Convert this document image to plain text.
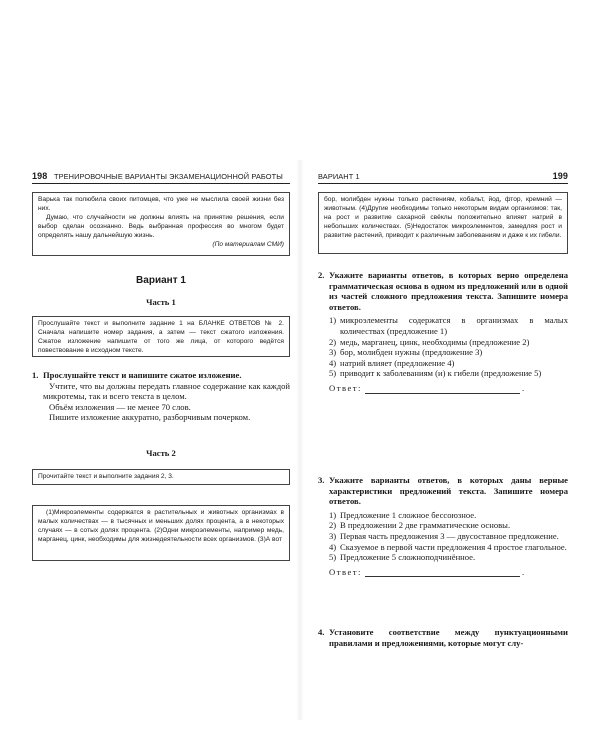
198 ТРЕНИРОВОЧНЫЕ ВАРИАНТЫ ЭКЗАМЕНАЦИОННОЙ РАБОТЫ

Варька так полюбила своих питомцев, что уже не мыслила своей жизни без них.

Думаю, что случайности не должны влиять на принятие решения, если выбор сделан осознанно. Ведь выбранная профессия во многом будет определять нашу дальнейшую жизнь.

(По материалам СМИ)

Вариант 1
Часть 1

Прослушайте текст и выполните задание 1 на БЛАНКЕ ОТВЕТОВ № 2. Сначала напишите номер задания, а затем — текст сжатого изложения. Сжатое изложение напишите от того же лица, от которого ведётся повествование в исходном тексте.

1. Прослушайте текст и напишите сжатое изложение.

Учтите, что вы должны передать главное содержание как каждой микротемы, так и всего текста в целом.

Объём изложения — не менее 70 слов.

Пишите изложение аккуратно, разборчивым почерком.

Часть 2

Прочитайте текст и выполните задания 2, 3.

(1)Микроэлементы содержатся в растительных и животных организмах в малых количествах — в тысячных и меньших долях процента, а в некоторых случаях — в сотых долях процента. (2)Одни микроэлементы, например медь, марганец, цинк, необходимы для жизнедеятельности всех организмов. (3)А вот

ВАРИАНТ 1	199

бор, молибден нужны только растениям, кобальт, йод, фтор, кремний — животным. (4)Другие необходимы только некоторым видам организмов: так, на рост и развитие сахарной свёклы положительно влияет натрий в небольших количествах. (5)Недостаток микроэлементов, замедляя рост и развитие растений, приводит к различным заболеваниям и даже к их гибели.

2. Укажите варианты ответов, в которых верно определена грамматическая основа в одном из предложений или в одной из частей сложного предложения текста. Запишите номера ответов.
1) микроэлементы содержатся в организмах в малых количествах (предложение 1)
2) медь, марганец, цинк, необходимы (предложение 2)
3) бор, молибден нужны (предложение 3)
4) натрий влияет (предложение 4)
5) приводит к заболеваниям (и) к гибели (предложение 5)
Ответ:	.
3. Укажите варианты ответов, в которых даны верные характеристики предложений текста. Запишите номера ответов.
1) Предложение 1 сложное бессоюзное.
2) В предложении 2 две грамматические основы.
3) Первая часть предложения 3 — двусоставное предложение.
4) Сказуемое в первой части предложения 4 простое глагольное.
5) Предложение 5 сложноподчинённое.
Ответ:	.
4. Установите соответствие между пунктуационными правилами и предложениями, которые могут слу-
